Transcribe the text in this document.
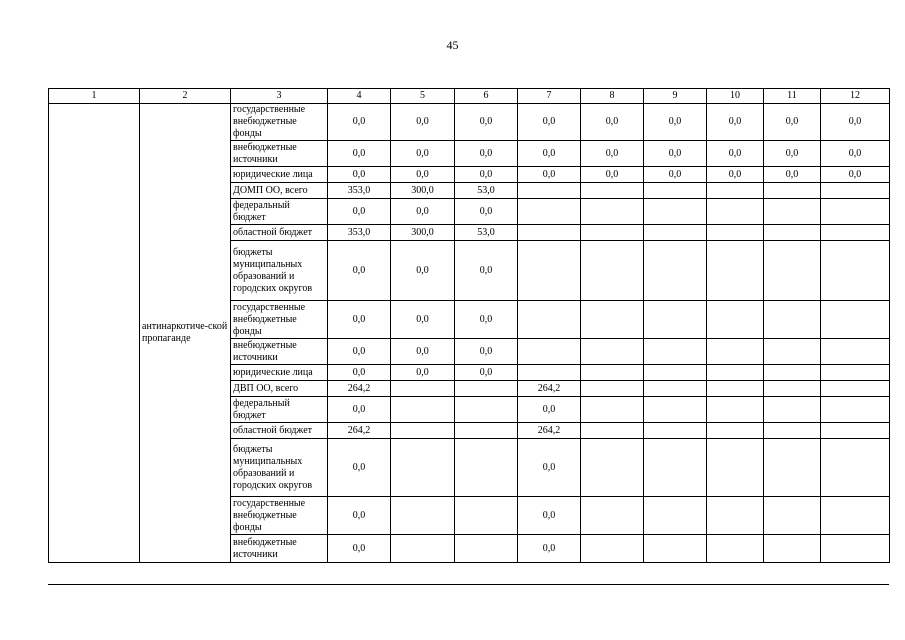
45
1	2	3	4	5	6	7	8	9	10	11	12
	антинаркотиче-ской пропаганде	государственные внебюджетные фонды	0,0	0,0	0,0	0,0	0,0	0,0	0,0	0,0	0,0
		внебюджетные источники	0,0	0,0	0,0	0,0	0,0	0,0	0,0	0,0	0,0
		юридические лица	0,0	0,0	0,0	0,0	0,0	0,0	0,0	0,0	0,0
		ДОМП ОО, всего	353,0	300,0	53,0						
		федеральный бюджет	0,0	0,0	0,0						
		областной бюджет	353,0	300,0	53,0						
		бюджеты муниципальных образований и городских округов	0,0	0,0	0,0						
		государственные внебюджетные фонды	0,0	0,0	0,0						
		внебюджетные источники	0,0	0,0	0,0						
		юридические лица	0,0	0,0	0,0						
		ДВП ОО, всего	264,2			264,2					
		федеральный бюджет	0,0			0,0					
		областной бюджет	264,2			264,2					
		бюджеты муниципальных образований и городских округов	0,0			0,0					
		государственные внебюджетные фонды	0,0			0,0					
		внебюджетные источники	0,0			0,0					
